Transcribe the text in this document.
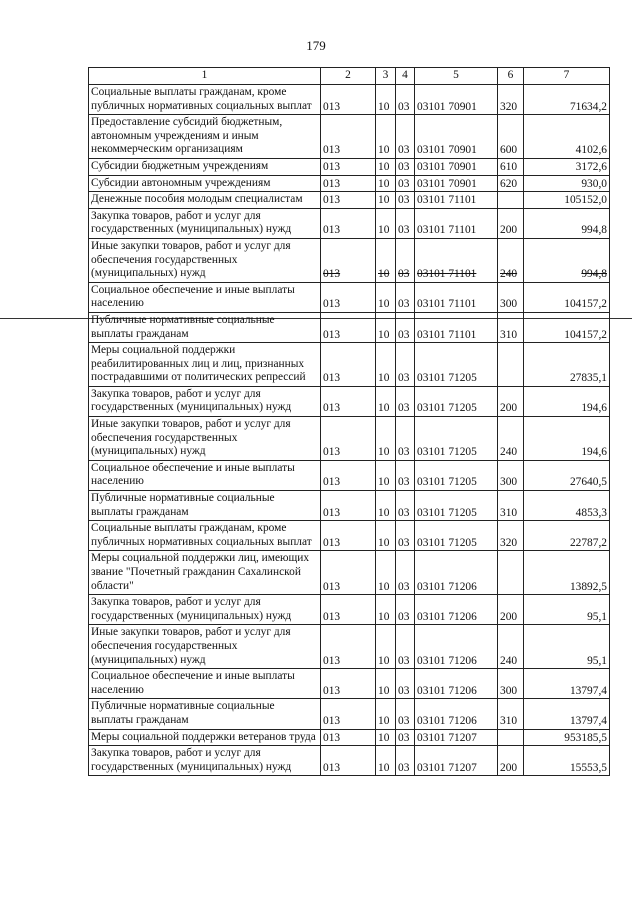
179
1	2	3	4	5	6	7
Социальные выплаты гражданам, кроме публичных нормативных социальных выплат	013	10	03	03101 70901	320	71634,2
Предоставление субсидий бюджетным, автономным учреждениям и иным некоммерческим организациям	013	10	03	03101 70901	600	4102,6
Субсидии бюджетным учреждениям	013	10	03	03101 70901	610	3172,6
Субсидии автономным учреждениям	013	10	03	03101 70901	620	930,0
Денежные пособия молодым специалистам	013	10	03	03101 71101		105152,0
Закупка товаров, работ и услуг для государственных (муниципальных) нужд	013	10	03	03101 71101	200	994,8
Иные закупки товаров, работ и услуг для обеспечения государственных (муниципальных) нужд	013	10	03	03101 71101	240	994,8
Социальное обеспечение и иные выплаты населению	013	10	03	03101 71101	300	104157,2
Публичные нормативные социальные выплаты гражданам	013	10	03	03101 71101	310	104157,2
Меры социальной поддержки реабилитированных лиц и лиц, признанных пострадавшими от политических репрессий	013	10	03	03101 71205		27835,1
Закупка товаров, работ и услуг для государственных (муниципальных) нужд	013	10	03	03101 71205	200	194,6
Иные закупки товаров, работ и услуг для обеспечения государственных (муниципальных) нужд	013	10	03	03101 71205	240	194,6
Социальное обеспечение и иные выплаты населению	013	10	03	03101 71205	300	27640,5
Публичные нормативные социальные выплаты гражданам	013	10	03	03101 71205	310	4853,3
Социальные выплаты гражданам, кроме публичных нормативных социальных выплат	013	10	03	03101 71205	320	22787,2
Меры социальной поддержки лиц, имеющих звание "Почетный гражданин Сахалинской области"	013	10	03	03101 71206		13892,5
Закупка товаров, работ и услуг для государственных (муниципальных) нужд	013	10	03	03101 71206	200	95,1
Иные закупки товаров, работ и услуг для обеспечения государственных (муниципальных) нужд	013	10	03	03101 71206	240	95,1
Социальное обеспечение и иные выплаты населению	013	10	03	03101 71206	300	13797,4
Публичные нормативные социальные выплаты гражданам	013	10	03	03101 71206	310	13797,4
Меры социальной поддержки ветеранов труда	013	10	03	03101 71207		953185,5
Закупка товаров, работ и услуг для государственных (муниципальных) нужд	013	10	03	03101 71207	200	15553,5
